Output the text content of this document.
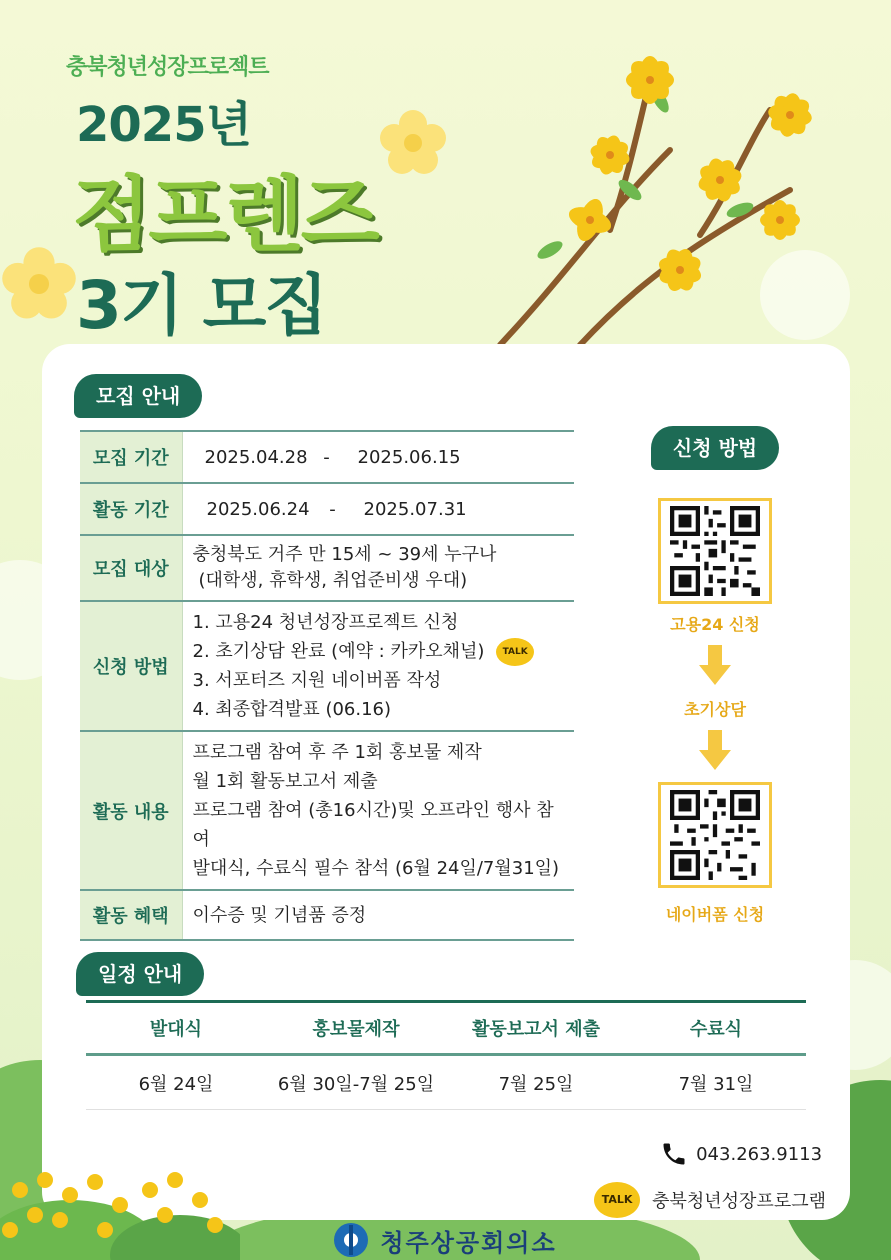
충북청년성장프로젝트
2025년
점프렌즈
3기 모집
모집 안내
모집 기간	2025.04.28 - 2025.06.15
활동 기간	2025.06.24 - 2025.07.31
모집 대상	충청북도 거주 만 15세 ~ 39세 누구나
(대학생, 휴학생, 취업준비생 우대)

신청 방법	1. 고용24 청년성장프로젝트 신청
2. 초기상담 완료 (예약 : 카카오채널) TALK
3. 서포터즈 지원 네이버폼 작성
4. 최종합격발표 (06.16)

활동 내용	프로그램 참여 후 주 1회 홍보물 제작
월 1회 활동보고서 제출
프로그램 참여 (총16시간)및 오프라인 행사 참여
발대식, 수료식 필수 참석 (6월 24일/7월31일)

활동 혜택	이수증 및 기념품 증정
신청 방법
고용24 신청
초기상담
네이버폼 신청
일정 안내
발대식	홍보물제작	활동보고서 제출	수료식
6월 24일	6월 30일-7월 25일	7월 25일	7월 31일
043.263.9113
TALK	충북청년성장프로그램
청주상공회의소
